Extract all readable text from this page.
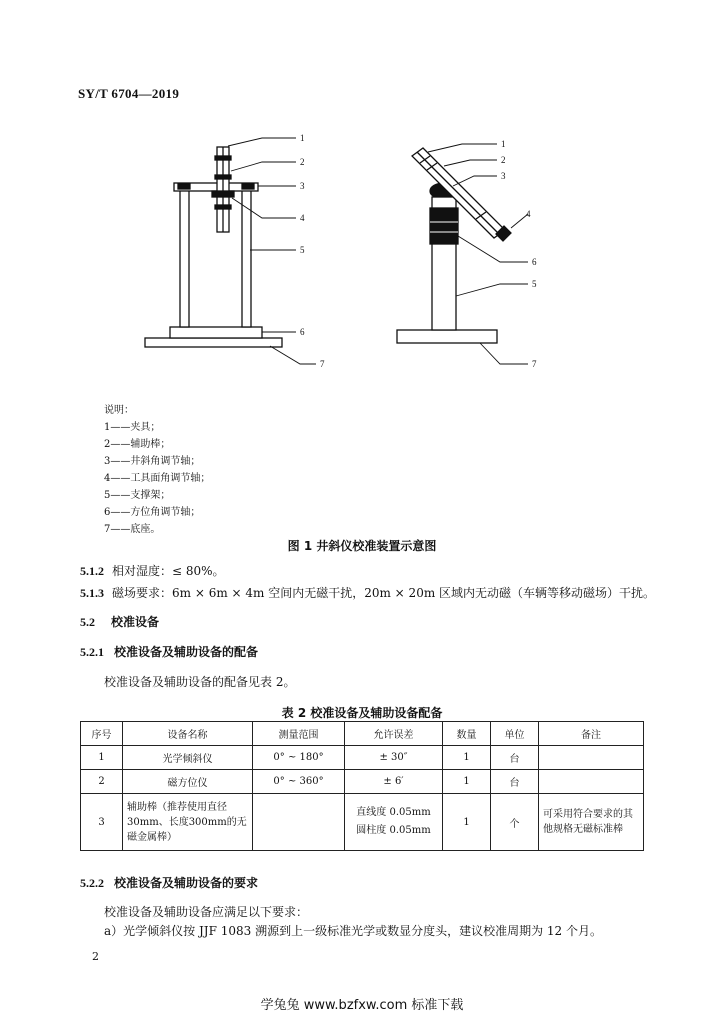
SY/T 6704—2019
1
2
3
4
5
6
7
1
2
3
4
6
5
7
说明：
1——夹具；
2——辅助棒；
3——井斜角调节轴；
4——工具面角调节轴；
5——支撑架；
6——方位角调节轴；
7——底座。
图 1 井斜仪校准装置示意图
5.1.2 相对湿度：≤ 80%。
5.1.3 磁场要求：6m × 6m × 4m 空间内无磁干扰，20m × 20m 区域内无动磁（车辆等移动磁场）干扰。
5.2 校准设备
5.2.1 校准设备及辅助设备的配备
校准设备及辅助设备的配备见表 2。
表 2 校准设备及辅助设备配备
序号	设备名称	测量范围	允许误差	数量	单位	备注
1	光学倾斜仪	0° ~ 180°	± 30″	1	台	
2	磁方位仪	0° ~ 360°	± 6′	1	台	
3	辅助棒（推荐使用直径30mm、长度300mm的无磁金属棒）		直线度 0.05mm
圆柱度 0.05mm	1	个	可采用符合要求的其他规格无磁标准棒
5.2.2 校准设备及辅助设备的要求
校准设备及辅助设备应满足以下要求：
a）光学倾斜仪按 JJF 1083 溯源到上一级标准光学或数显分度头，建议校准周期为 12 个月。
2
学兔兔 www.bzfxw.com 标准下载
